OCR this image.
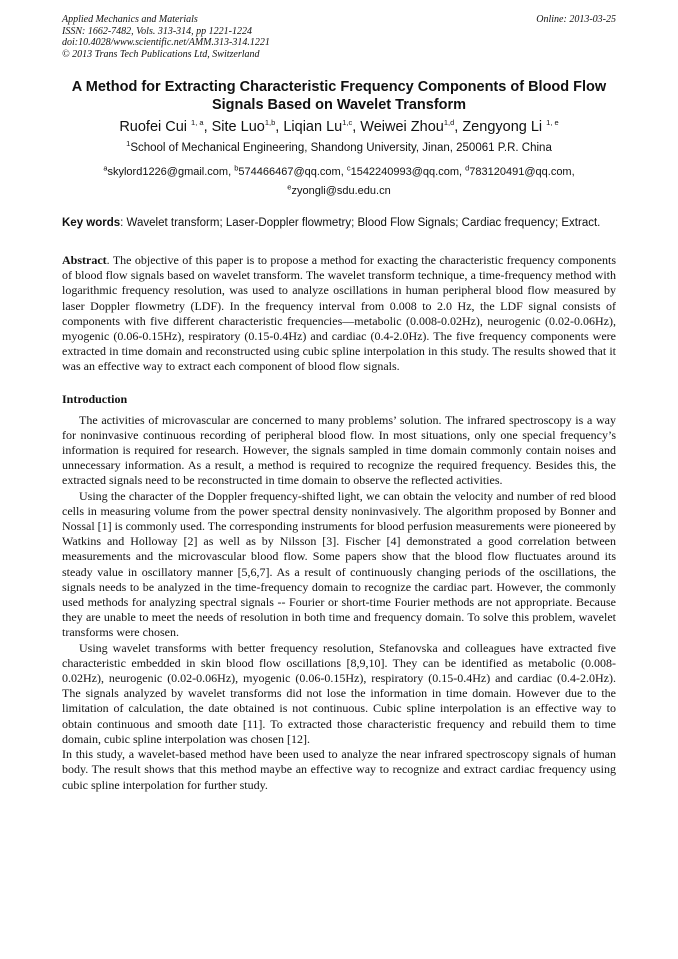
Applied Mechanics and Materials
ISSN: 1662-7482, Vols. 313-314, pp 1221-1224
doi:10.4028/www.scientific.net/AMM.313-314.1221
© 2013 Trans Tech Publications Ltd, Switzerland
Online: 2013-03-25
A Method for Extracting Characteristic Frequency Components of Blood Flow Signals Based on Wavelet Transform
Ruofei Cui $^{1, a}$, Site Luo$^{1,b}$, Liqian Lu$^{1,c}$, Weiwei Zhou$^{1,d}$, Zengyong Li $^{1, e}$
$^1$School of Mechanical Engineering, Shandong University, Jinan, 250061 P.R. China
$^a$skylord1226@gmail.com, $^b$574466467@qq.com, $^c$1542240993@qq.com, $^d$783120491@qq.com,
$^e$zyongli@sdu.edu.cn
Key words: Wavelet transform; Laser-Doppler flowmetry; Blood Flow Signals; Cardiac frequency; Extract.
Abstract. The objective of this paper is to propose a method for exacting the characteristic frequency components of blood flow signals based on wavelet transform. The wavelet transform technique, a time-frequency method with logarithmic frequency resolution, was used to analyze oscillations in human peripheral blood flow measured by laser Doppler flowmetry (LDF). In the frequency interval from 0.008 to 2.0 Hz, the LDF signal consists of components with five different characteristic frequencies—metabolic (0.008-0.02Hz), neurogenic (0.02-0.06Hz), myogenic (0.06-0.15Hz), respiratory (0.15-0.4Hz) and cardiac (0.4-2.0Hz). The five frequency components were extracted in time domain and reconstructed using cubic spline interpolation in this study. The results showed that it was an effective way to extract each component of blood flow signals.
Introduction

The activities of microvascular are concerned to many problems’ solution. The infrared spectroscopy is a way for noninvasive continuous recording of peripheral blood flow. In most situations, only one special frequency’s information is required for research. However, the signals sampled in time domain commonly contain noises and unnecessary information. As a result, a method is required to recognize the required frequency. Besides this, the extracted signals need to be reconstructed in time domain to observe the reflected activities.

Using the character of the Doppler frequency-shifted light, we can obtain the velocity and number of red blood cells in measuring volume from the power spectral density noninvasively. The algorithm proposed by Bonner and Nossal [1] is commonly used. The corresponding instruments for blood perfusion measurements were pioneered by Watkins and Holloway [2] as well as by Nilsson [3]. Fischer [4] demonstrated a good correlation between measurements and the microvascular blood flow. Some papers show that the blood flow fluctuates around its steady value in oscillatory manner [5,6,7]. As a result of continuously changing periods of the oscillations, the signals needs to be analyzed in the time-frequency domain to recognize the cardiac part. However, the commonly used methods for analyzing spectral signals -- Fourier or short-time Fourier methods are not appropriate. Because they are unable to meet the needs of resolution in both time and frequency domain. To solve this problem, wavelet transforms were chosen.

Using wavelet transforms with better frequency resolution, Stefanovska and colleagues have extracted five characteristic embedded in skin blood flow oscillations [8,9,10]. They can be identified as metabolic (0.008-0.02Hz), neurogenic (0.02-0.06Hz), myogenic (0.06-0.15Hz), respiratory (0.15-0.4Hz) and cardiac (0.4-2.0Hz). The signals analyzed by wavelet transforms did not lose the information in time domain. However due to the limitation of calculation, the date obtained is not continuous. Cubic spline interpolation is an effective way to obtain continuous and smooth date [11]. To extracted those characteristic frequency and rebuild them to time domain, cubic spline interpolation was chosen [12].

In this study, a wavelet-based method have been used to analyze the near infrared spectroscopy signals of human body. The result shows that this method maybe an effective way to recognize and extract cardiac frequency using cubic spline interpolation for further study.
